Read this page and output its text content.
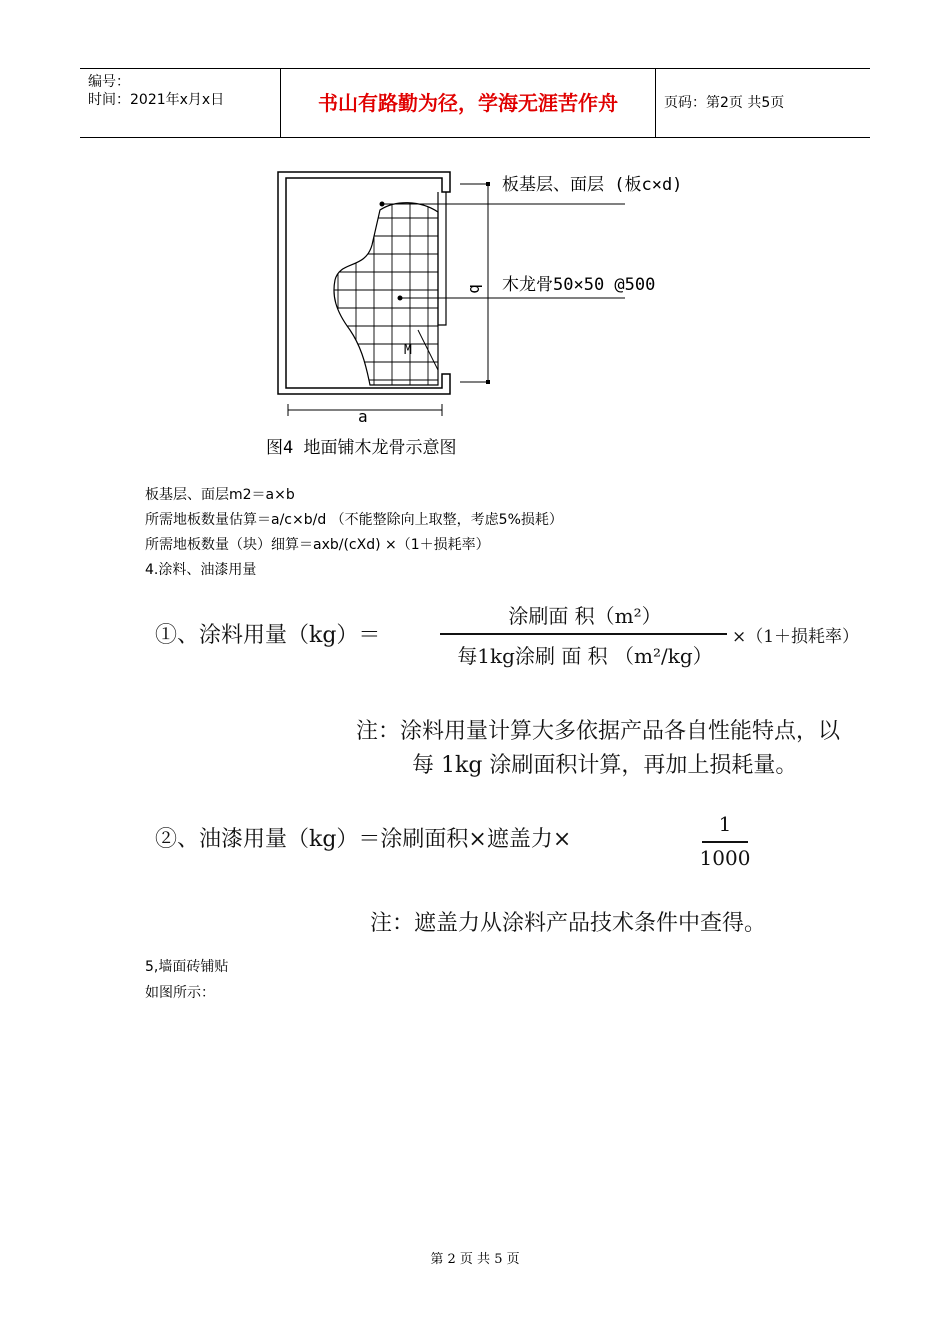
编号：
时间：2021年x月x日	书山有路勤为径，学海无涯苦作舟	页码：第2页 共5页
板基层、面层 (板c×d)
木龙骨50×50 @500
b
a
M
图4 地面铺木龙骨示意图
板基层、面层m2＝a×b
所需地板数量估算＝a/c×b/d （不能整除向上取整，考虑5%损耗）
所需地板数量（块）细算＝axb/(cXd) ×（1＋损耗率）
4.涂料、油漆用量
①、涂料用量（kg）＝
涂刷面 积（m²）
每1kg涂刷 面 积 （m²/kg）
×（1＋损耗率）
注：涂料用量计算大多依据产品各自性能特点，以
每 1kg 涂刷面积计算，再加上损耗量。
②、油漆用量（kg）＝涂刷面积×遮盖力×
1
1000
注：遮盖力从涂料产品技术条件中查得。
5,墙面砖铺贴
如图所示：
第 2 页 共 5 页
